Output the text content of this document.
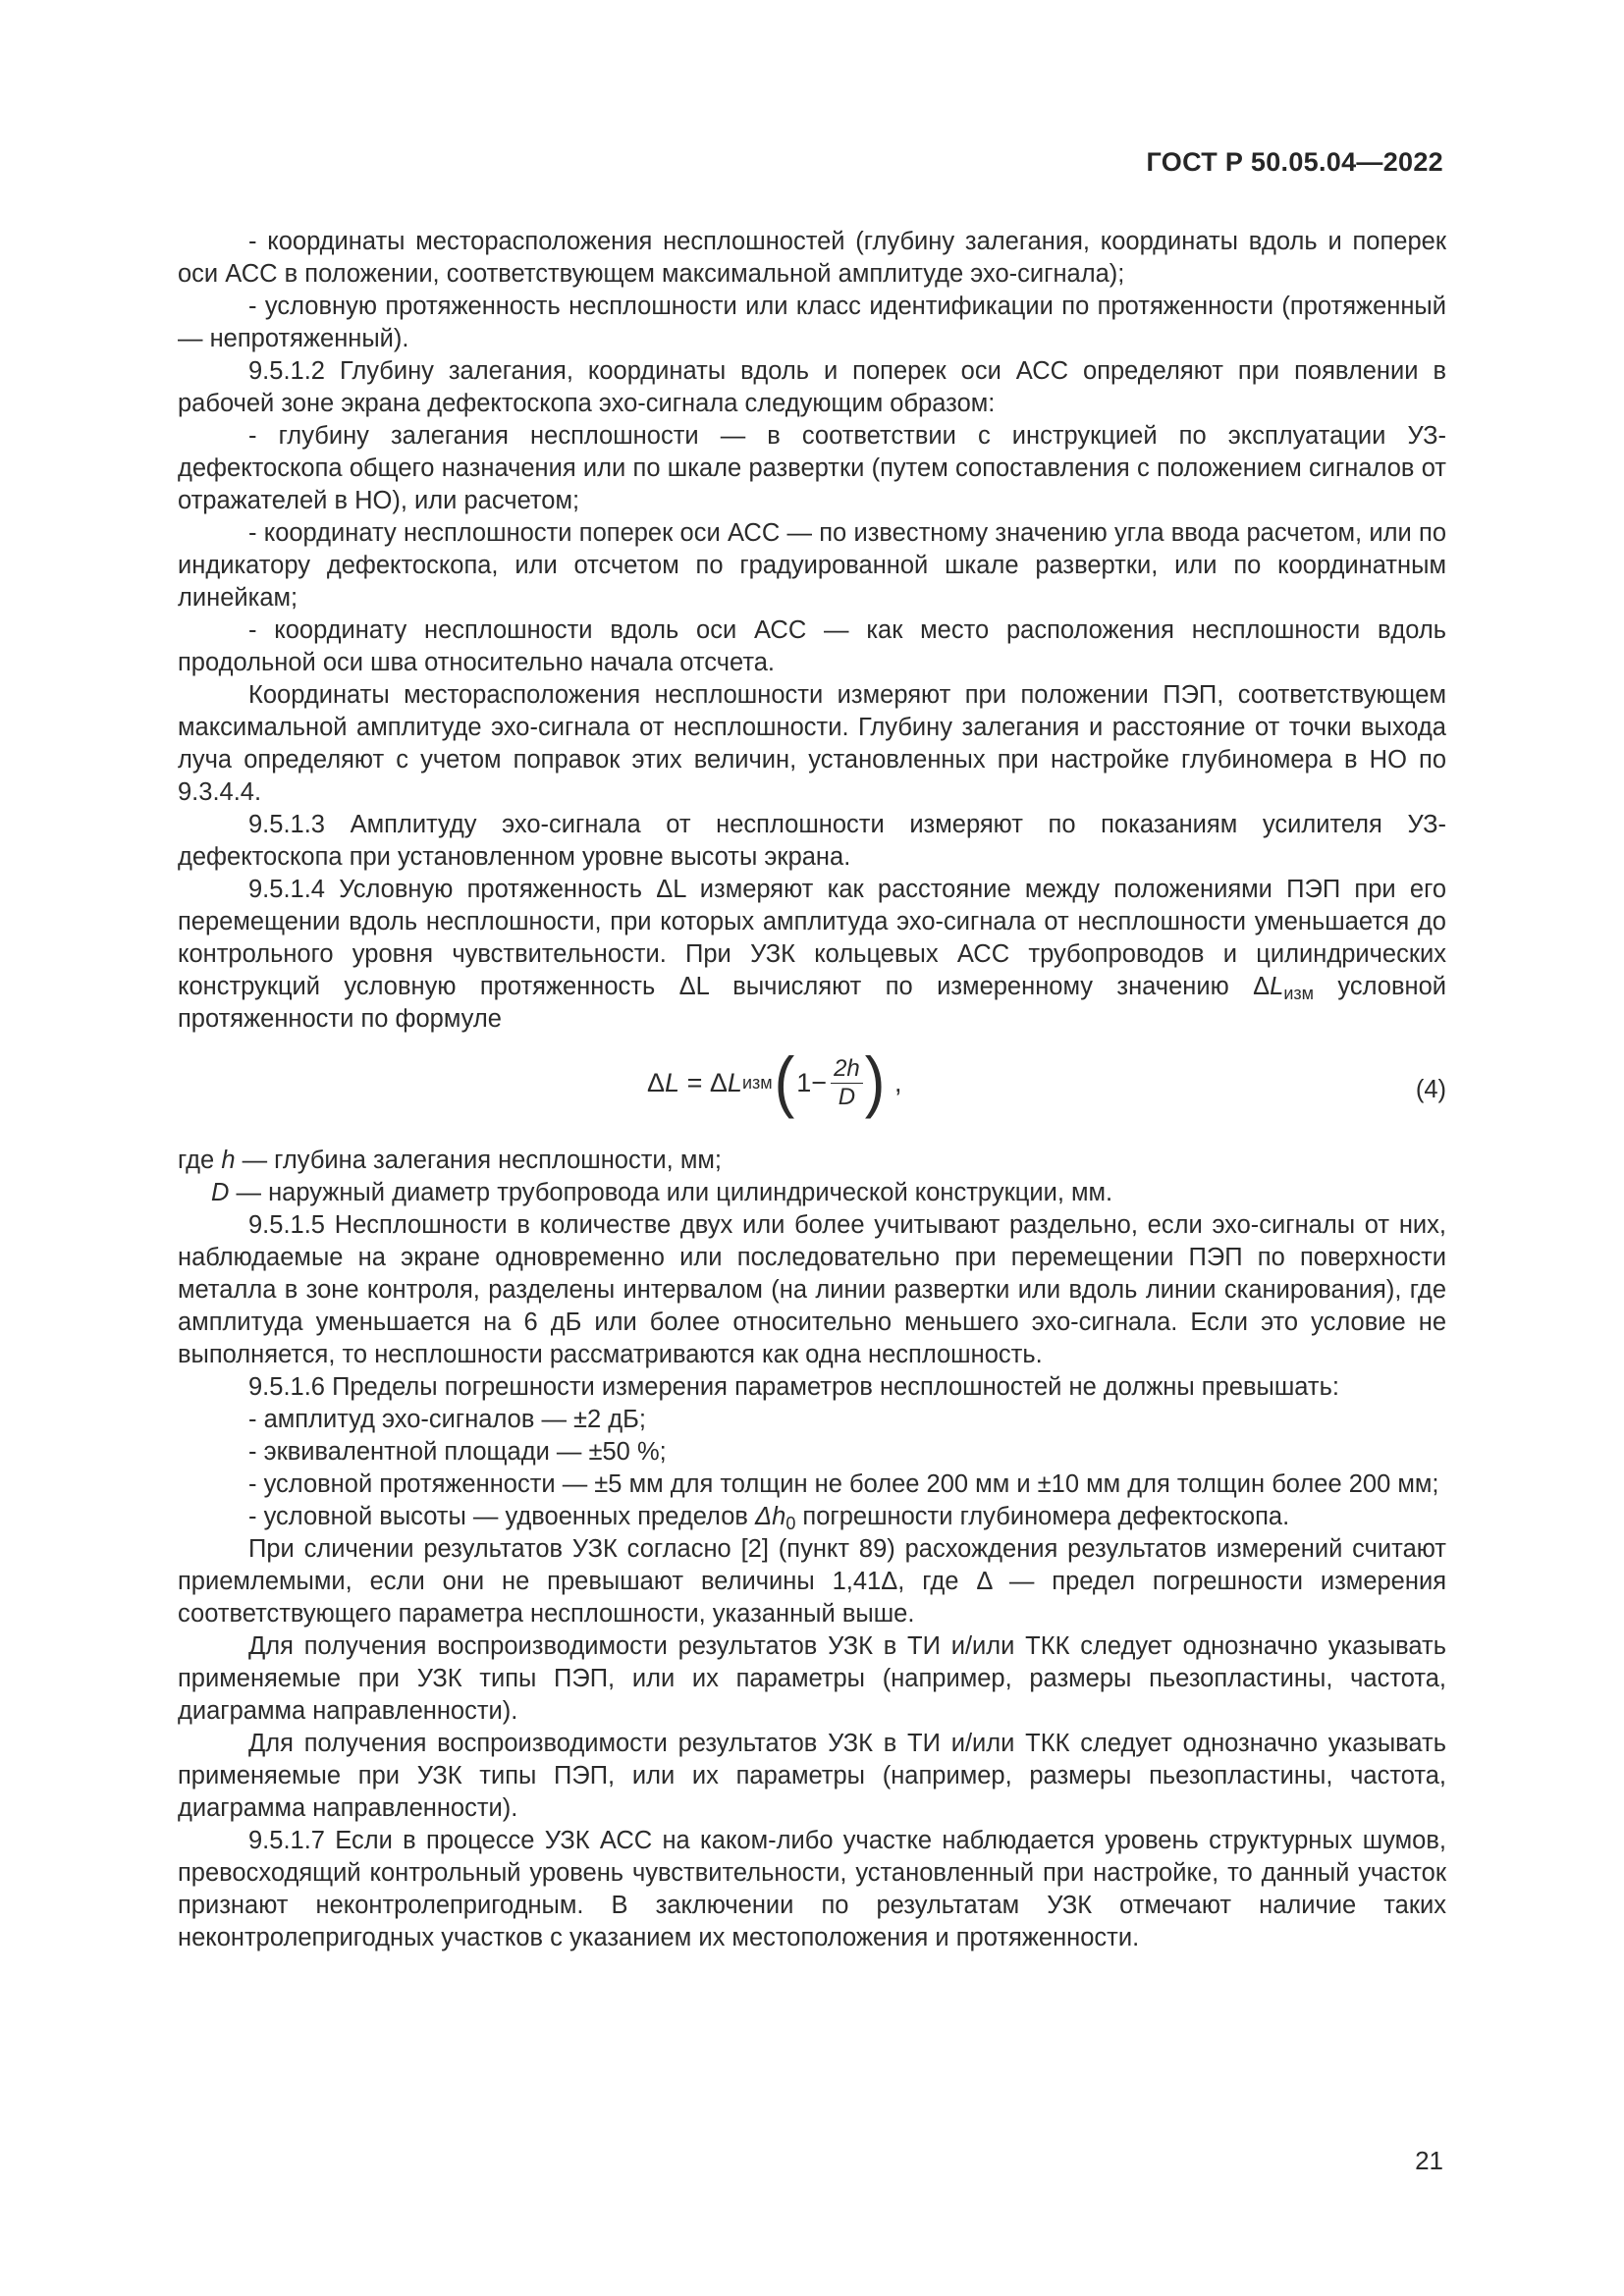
ГОСТ Р 50.05.04—2022

- координаты месторасположения несплошностей (глубину залегания, координаты вдоль и поперек оси АСС в положении, соответствующем максимальной амплитуде эхо-сигнала);

- условную протяженность несплошности или класс идентификации по протяженности (протяженный — непротяженный).

9.5.1.2 Глубину залегания, координаты вдоль и поперек оси АСС определяют при появлении в рабочей зоне экрана дефектоскопа эхо-сигнала следующим образом:

- глубину залегания несплошности — в соответствии с инструкцией по эксплуатации УЗ-дефектоскопа общего назначения или по шкале развертки (путем сопоставления с положением сигналов от отражателей в НО), или расчетом;

- координату несплошности поперек оси АСС — по известному значению угла ввода расчетом, или по индикатору дефектоскопа, или отсчетом по градуированной шкале развертки, или по координатным линейкам;

- координату несплошности вдоль оси АСС — как место расположения несплошности вдоль продольной оси шва относительно начала отсчета.

Координаты месторасположения несплошности измеряют при положении ПЭП, соответствующем максимальной амплитуде эхо-сигнала от несплошности. Глубину залегания и расстояние от точки выхода луча определяют с учетом поправок этих величин, установленных при настройке глубиномера в НО по 9.3.4.4.

9.5.1.3 Амплитуду эхо-сигнала от несплошности измеряют по показаниям усилителя УЗ-дефектоскопа при установленном уровне высоты экрана.

9.5.1.4 Условную протяженность ΔL измеряют как расстояние между положениями ПЭП при его перемещении вдоль несплошности, при которых амплитуда эхо-сигнала от несплошности уменьшается до контрольного уровня чувствительности. При УЗК кольцевых АСС трубопроводов и цилиндрических конструкций условную протяженность ΔL вычисляют по измеренному значению $\Delta L_{изм}$ условной протяженности по формуле

Δ L = Δ L изм ( $1- \frac{2h}{D}$ ) ,	(4)

где h — глубина залегания несплошности, мм;

D — наружный диаметр трубопровода или цилиндрической конструкции, мм.

9.5.1.5 Несплошности в количестве двух или более учитывают раздельно, если эхо-сигналы от них, наблюдаемые на экране одновременно или последовательно при перемещении ПЭП по поверхности металла в зоне контроля, разделены интервалом (на линии развертки или вдоль линии сканирования), где амплитуда уменьшается на 6 дБ или более относительно меньшего эхо-сигнала. Если это условие не выполняется, то несплошности рассматриваются как одна несплошность.

9.5.1.6 Пределы погрешности измерения параметров несплошностей не должны превышать:

- амплитуд эхо-сигналов — ±2 дБ;

- эквивалентной площади — ±50 %;

- условной протяженности — ±5 мм для толщин не более 200 мм и ±10 мм для толщин более 200 мм;

- условной высоты — удвоенных пределов $\Delta h_0$ погрешности глубиномера дефектоскопа.

При сличении результатов УЗК согласно [2] (пункт 89) расхождения результатов измерений считают приемлемыми, если они не превышают величины 1,41Δ, где Δ — предел погрешности измерения соответствующего параметра несплошности, указанный выше.

Для получения воспроизводимости результатов УЗК в ТИ и/или ТКК следует однозначно указывать применяемые при УЗК типы ПЭП, или их параметры (например, размеры пьезопластины, частота, диаграмма направленности).

Для получения воспроизводимости результатов УЗК в ТИ и/или ТКК следует однозначно указывать применяемые при УЗК типы ПЭП, или их параметры (например, размеры пьезопластины, частота, диаграмма направленности).

9.5.1.7 Если в процессе УЗК АСС на каком-либо участке наблюдается уровень структурных шумов, превосходящий контрольный уровень чувствительности, установленный при настройке, то данный участок признают неконтролепригодным. В заключении по результатам УЗК отмечают наличие таких неконтролепригодных участков с указанием их местоположения и протяженности.

21
